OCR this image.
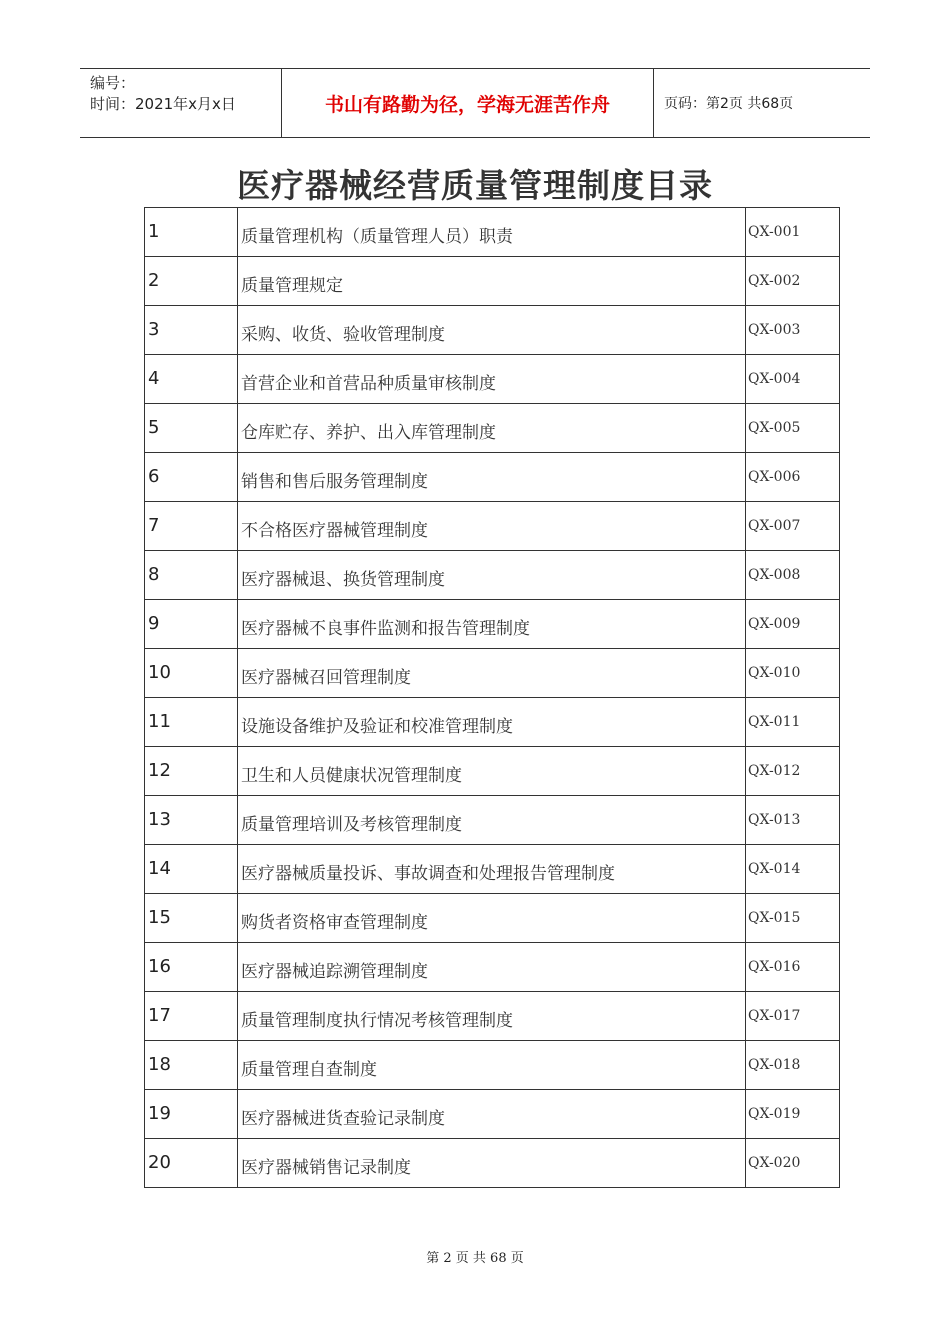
编号：
时间：2021年x月x日	书山有路勤为径，学海无涯苦作舟	页码：第2页 共68页
医疗器械经营质量管理制度目录
1	质量管理机构（质量管理人员）职责	QX-001
2	质量管理规定	QX-002
3	采购、收货、验收管理制度	QX-003
4	首营企业和首营品种质量审核制度	QX-004
5	仓库贮存、养护、出入库管理制度	QX-005
6	销售和售后服务管理制度	QX-006
7	不合格医疗器械管理制度	QX-007
8	医疗器械退、换货管理制度	QX-008
9	医疗器械不良事件监测和报告管理制度	QX-009
10	医疗器械召回管理制度	QX-010
11	设施设备维护及验证和校准管理制度	QX-011
12	卫生和人员健康状况管理制度	QX-012
13	质量管理培训及考核管理制度	QX-013
14	医疗器械质量投诉、事故调查和处理报告管理制度	QX-014
15	购货者资格审查管理制度	QX-015
16	医疗器械追踪溯管理制度	QX-016
17	质量管理制度执行情况考核管理制度	QX-017
18	质量管理自查制度	QX-018
19	医疗器械进货查验记录制度	QX-019
20	医疗器械销售记录制度	QX-020
第 2 页 共 68 页
